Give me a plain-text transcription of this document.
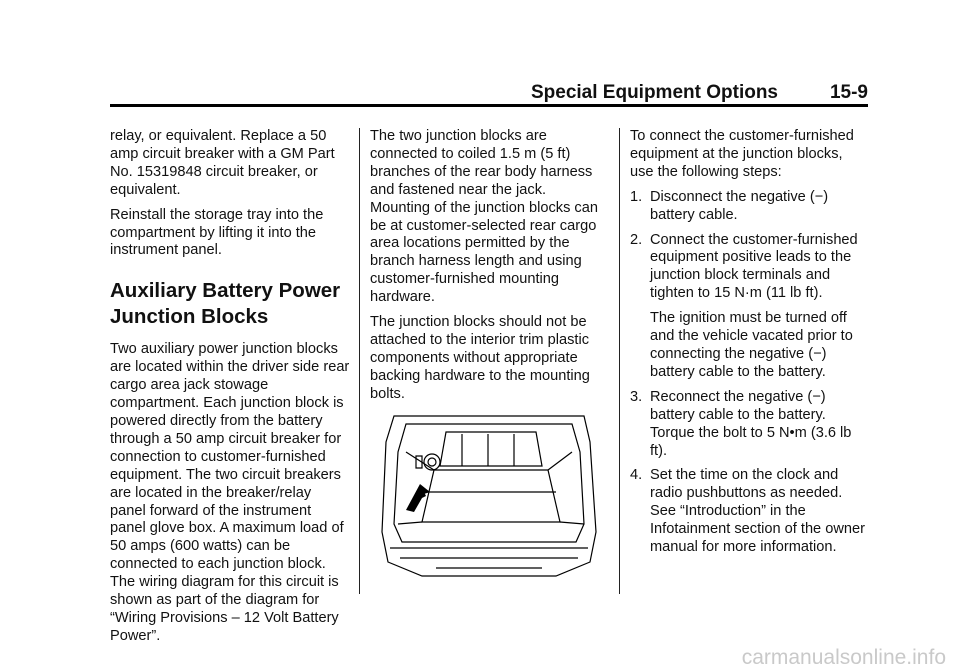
Special Equipment Options	15-9

relay, or equivalent. Replace a 50 amp circuit breaker with a GM Part No. 15319848 circuit breaker, or equivalent.

Reinstall the storage tray into the compartment by lifting it into the instrument panel.

Auxiliary Battery Power Junction Blocks

Two auxiliary power junction blocks are located within the driver side rear cargo area jack stowage compartment. Each junction block is powered directly from the battery through a 50 amp circuit breaker for connection to customer-furnished equipment. The two circuit breakers are located in the breaker/relay panel forward of the instrument panel glove box. A maximum load of 50 amps (600 watts) can be connected to each junction block. The wiring diagram for this circuit is shown as part of the diagram for “Wiring Provisions – 12 Volt Battery Power”.

The two junction blocks are connected to coiled 1.5 m (5 ft) branches of the rear body harness and fastened near the jack. Mounting of the junction blocks can be at customer-selected rear cargo area locations permitted by the branch harness length and using customer-furnished mounting hardware.

The junction blocks should not be attached to the interior trim plastic components without appropriate backing hardware to the mounting bolts.

To connect the customer-furnished equipment at the junction blocks, use the following steps:

1. Disconnect the negative (−) battery cable.
2. Connect the customer-furnished equipment positive leads to the junction block terminals and tighten to 15 N·m (11 lb ft).

The ignition must be turned off and the vehicle vacated prior to connecting the negative (−) battery cable to the battery.

3. Reconnect the negative (−) battery cable to the battery. Torque the bolt to 5 N•m (3.6 lb ft).
4. Set the time on the clock and radio pushbuttons as needed. See “Introduction” in the Infotainment section of the owner manual for more information.
carmanualsonline.info
